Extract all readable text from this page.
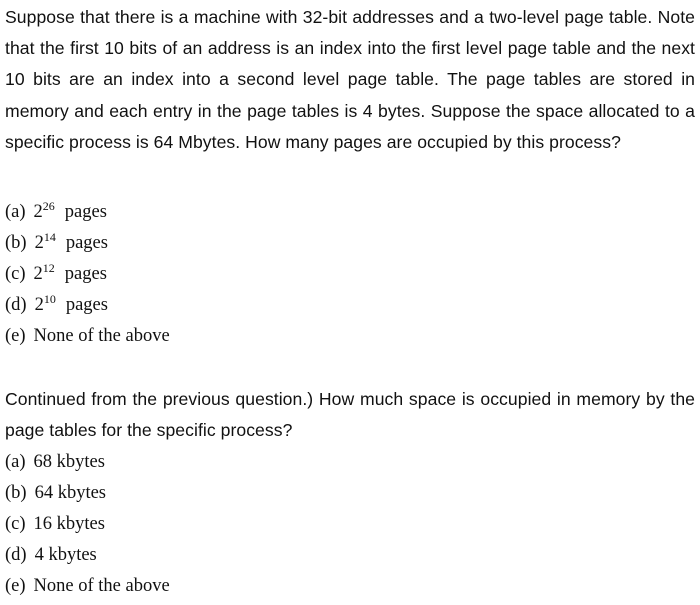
Suppose that there is a machine with 32-bit addresses and a two-level page table. Note that the first 10 bits of an address is an index into the first level page table and the next 10 bits are an index into a second level page table. The page tables are stored in memory and each entry in the page tables is 4 bytes. Suppose the space allocated to a specific process is 64 Mbytes. How many pages are occupied by this process?
(a) $2^{26}$ pages
(b) $2^{14}$ pages
(c) $2^{12}$ pages
(d) $2^{10}$ pages
(e) None of the above
Continued from the previous question.) How much space is occupied in memory by the page tables for the specific process?
(a) 68 kbytes
(b) 64 kbytes
(c) 16 kbytes
(d) 4 kbytes
(e) None of the above
